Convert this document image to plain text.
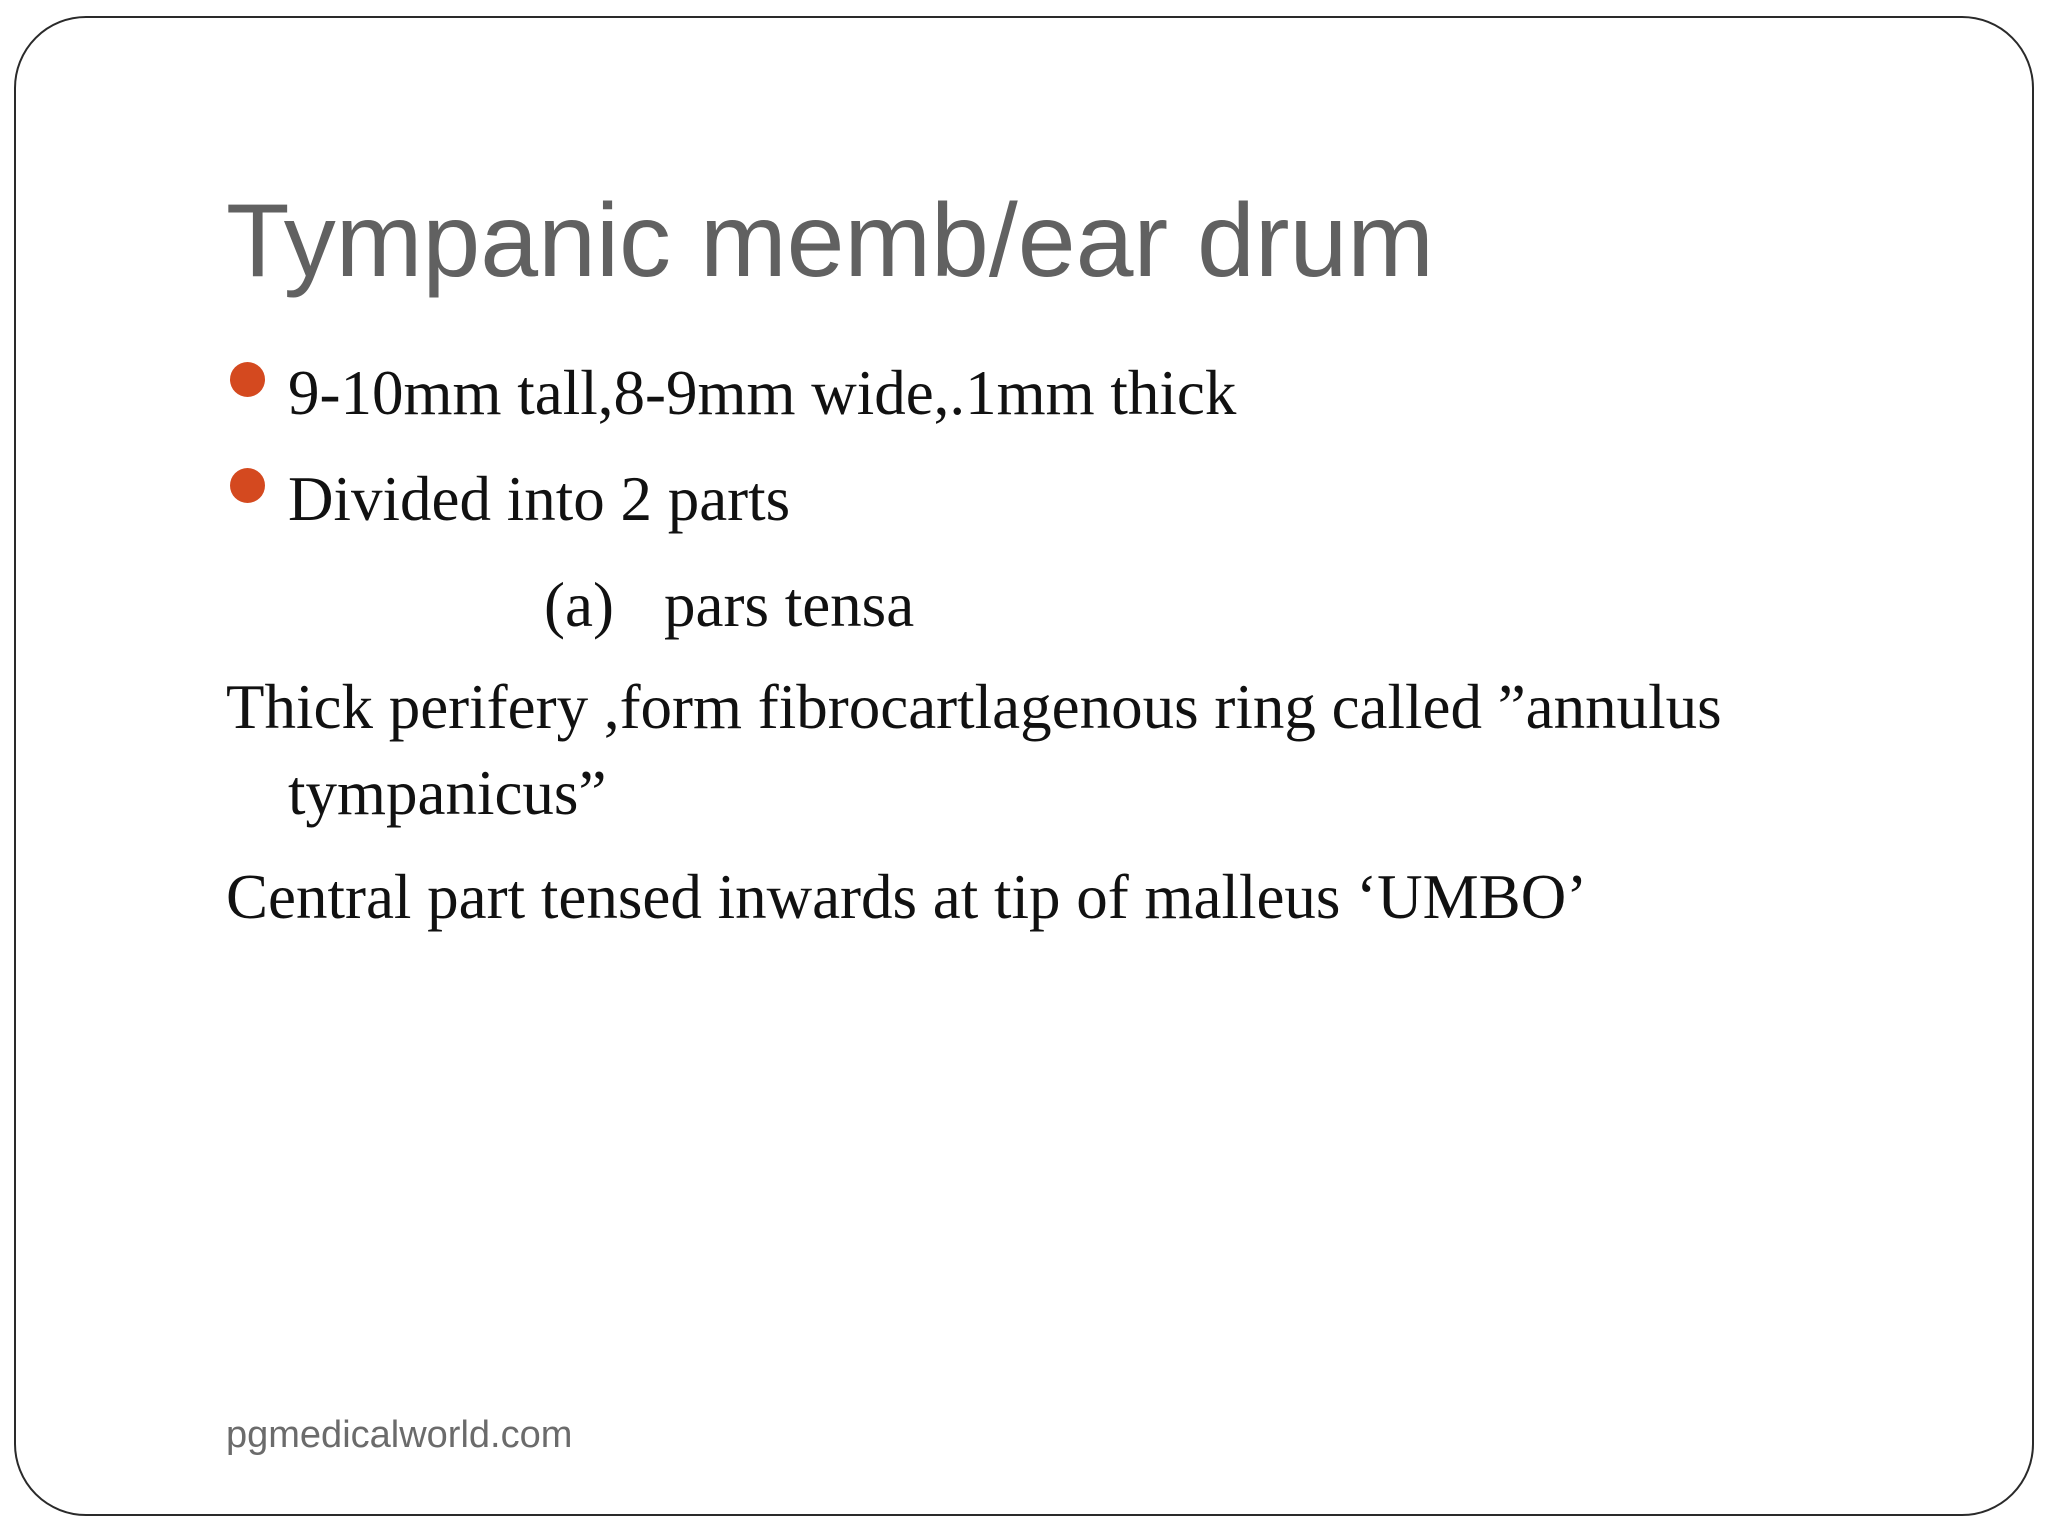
Tympanic memb/ear drum
9-10mm tall,8-9mm wide,.1mm thick
Divided into 2 parts
(a) pars tensa
Thick perifery ,form fibrocartlagenous ring called ”annulus tympanicus”
Central part tensed inwards at tip of malleus ‘UMBO’
pgmedicalworld.com
